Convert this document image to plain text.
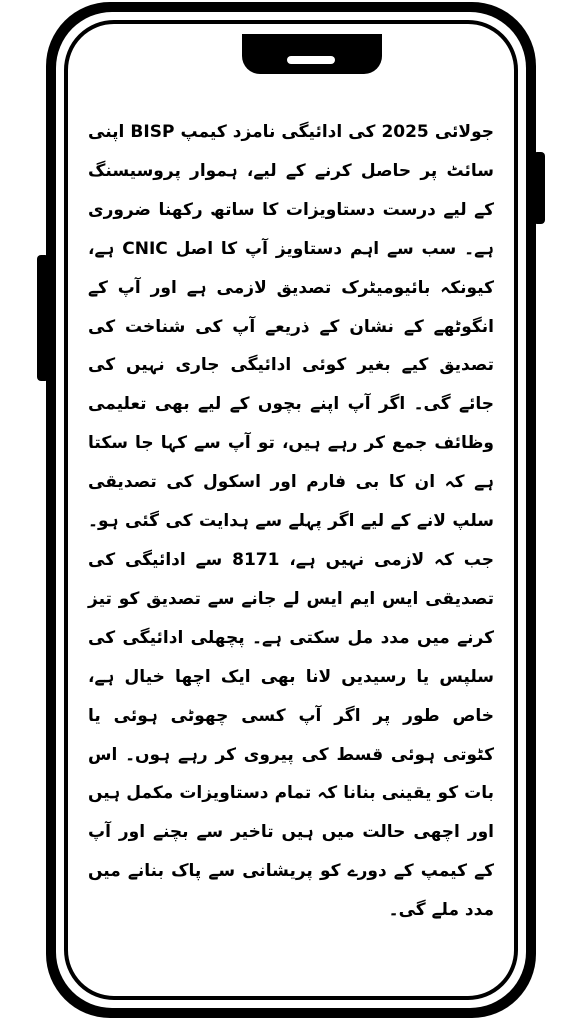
جولائی 2025 کی ادائیگی نامزد کیمپ BISP اپنی سائٹ پر حاصل کرنے کے لیے، ہموار پروسیسنگ کے لیے درست دستاویزات کا ساتھ رکھنا ضروری ہے۔ سب سے اہم دستاویز آپ کا اصل CNIC ہے، کیونکہ بائیومیٹرک تصدیق لازمی ہے اور آپ کے انگوٹھے کے نشان کے ذریعے آپ کی شناخت کی تصدیق کیے بغیر کوئی ادائیگی جاری نہیں کی جائے گی۔ اگر آپ اپنے بچوں کے لیے بھی تعلیمی وظائف جمع کر رہے ہیں، تو آپ سے کہا جا سکتا ہے کہ ان کا بی فارم اور اسکول کی تصدیقی سلپ لانے کے لیے اگر پہلے سے ہدایت کی گئی ہو۔ جب کہ لازمی نہیں ہے، 8171 سے ادائیگی کی تصدیقی ایس ایم ایس لے جانے سے تصدیق کو تیز کرنے میں مدد مل سکتی ہے۔ پچھلی ادائیگی کی سلپس یا رسیدیں لانا بھی ایک اچھا خیال ہے، خاص طور پر اگر آپ کسی چھوٹی ہوئی یا کٹوتی ہوئی قسط کی پیروی کر رہے ہوں۔ اس بات کو یقینی بنانا کہ تمام دستاویزات مکمل ہیں اور اچھی حالت میں ہیں تاخیر سے بچنے اور آپ کے کیمپ کے دورے کو پریشانی سے پاک بنانے میں مدد ملے گی۔
